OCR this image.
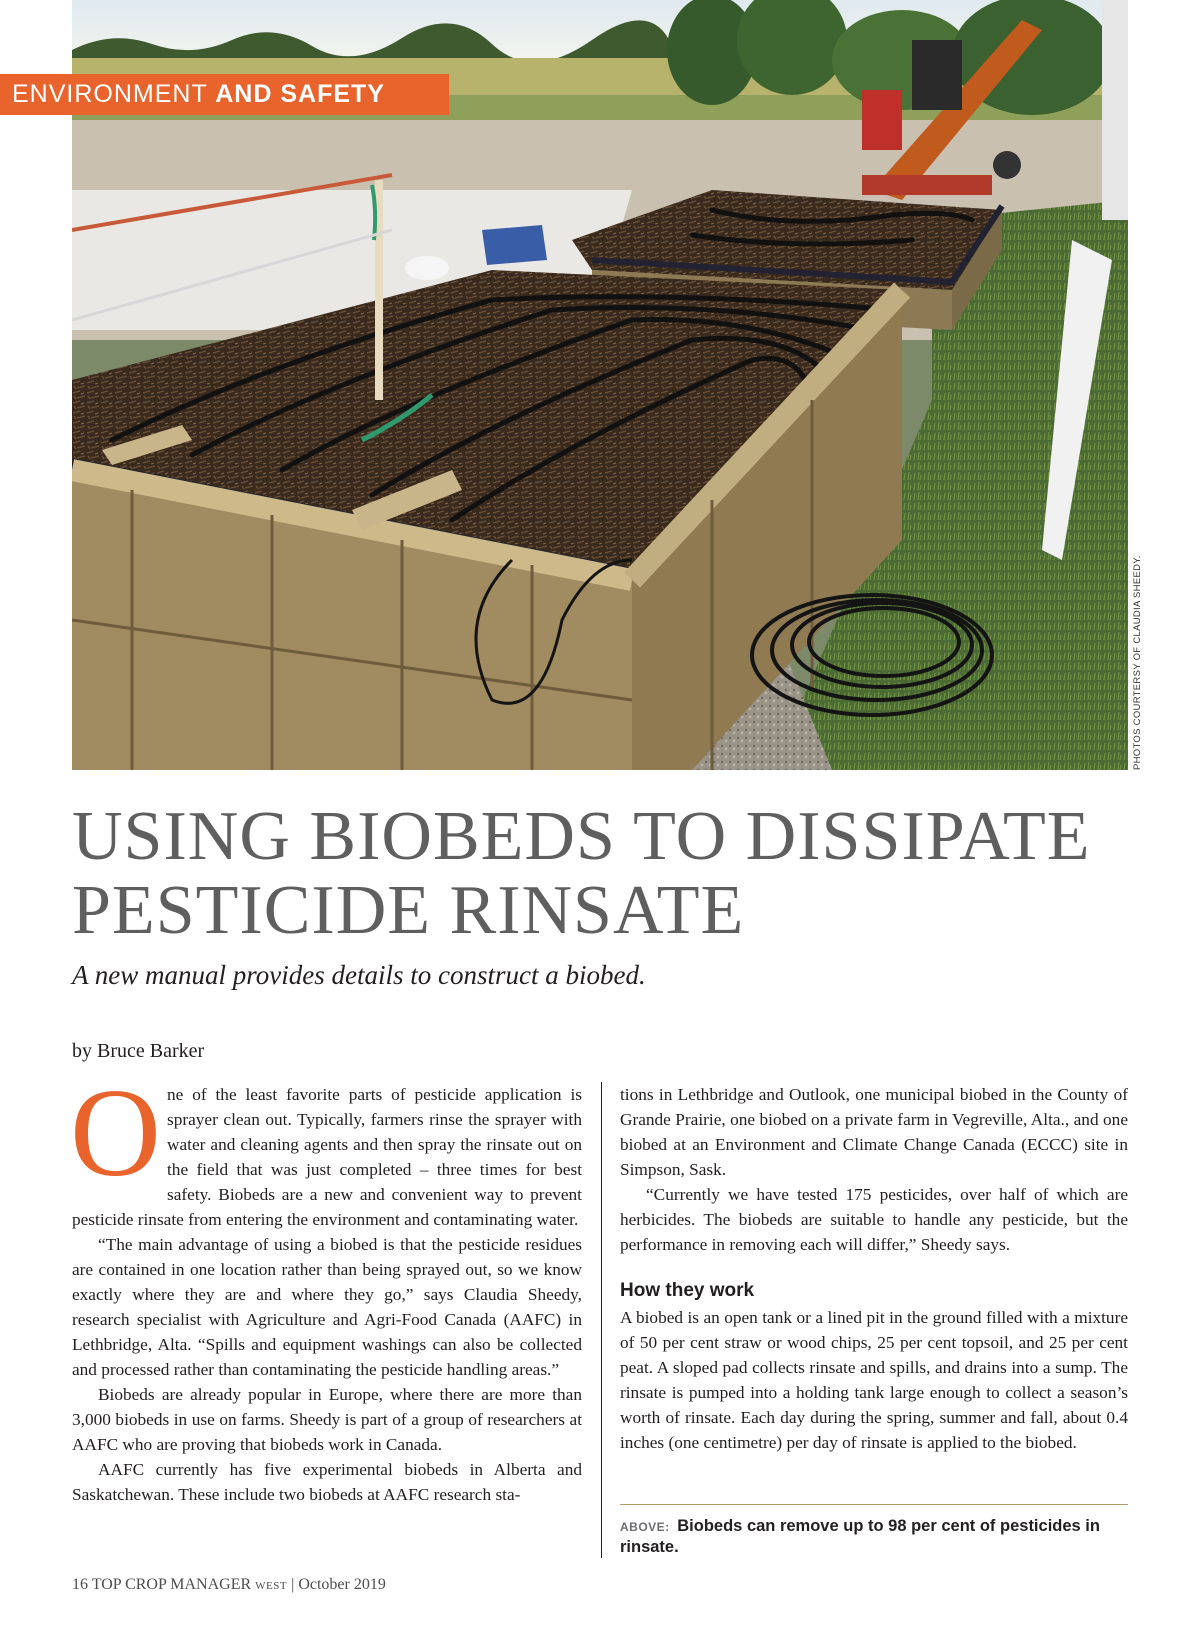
ENVIRONMENT AND SAFETY
PHOTOS COURTERSY OF CLAUDIA SHEEDY.
USING BIOBEDS TO DISSIPATE
PESTICIDE RINSATE
A new manual provides details to construct a biobed.
by Bruce Barker

One of the least favorite parts of pesticide application is sprayer clean out. Typically, farmers rinse the sprayer with water and cleaning agents and then spray the rinsate out on the field that was just completed – three times for best safety. Biobeds are a new and convenient way to prevent pesticide rinsate from entering the environment and contaminating water.

“The main advantage of using a biobed is that the pesticide residues are contained in one location rather than being sprayed out, so we know exactly where they are and where they go,” says Claudia Sheedy, research specialist with Agriculture and Agri-Food Canada (AAFC) in Lethbridge, Alta. “Spills and equipment washings can also be collected and processed rather than contaminating the pesticide handling areas.”

Biobeds are already popular in Europe, where there are more than 3,000 biobeds in use on farms. Sheedy is part of a group of researchers at AAFC who are proving that biobeds work in Canada.

AAFC currently has five experimental biobeds in Alberta and Saskatchewan. These include two biobeds at AAFC research sta-

tions in Lethbridge and Outlook, one municipal biobed in the County of Grande Prairie, one biobed on a private farm in Vegreville, Alta., and one biobed at an Environment and Climate Change Canada (ECCC) site in Simpson, Sask.

“Currently we have tested 175 pesticides, over half of which are herbicides. The biobeds are suitable to handle any pesticide, but the performance in removing each will differ,” Sheedy says.

How they work

A biobed is an open tank or a lined pit in the ground filled with a mixture of 50 per cent straw or wood chips, 25 per cent topsoil, and 25 per cent peat. A sloped pad collects rinsate and spills, and drains into a sump. The rinsate is pumped into a holding tank large enough to collect a season’s worth of rinsate. Each day during the spring, summer and fall, about 0.4 inches (one centimetre) per day of rinsate is applied to the biobed.

ABOVE: Biobeds can remove up to 98 per cent of pesticides in rinsate.
16 TOP CROP MANAGER WEST | October 2019
